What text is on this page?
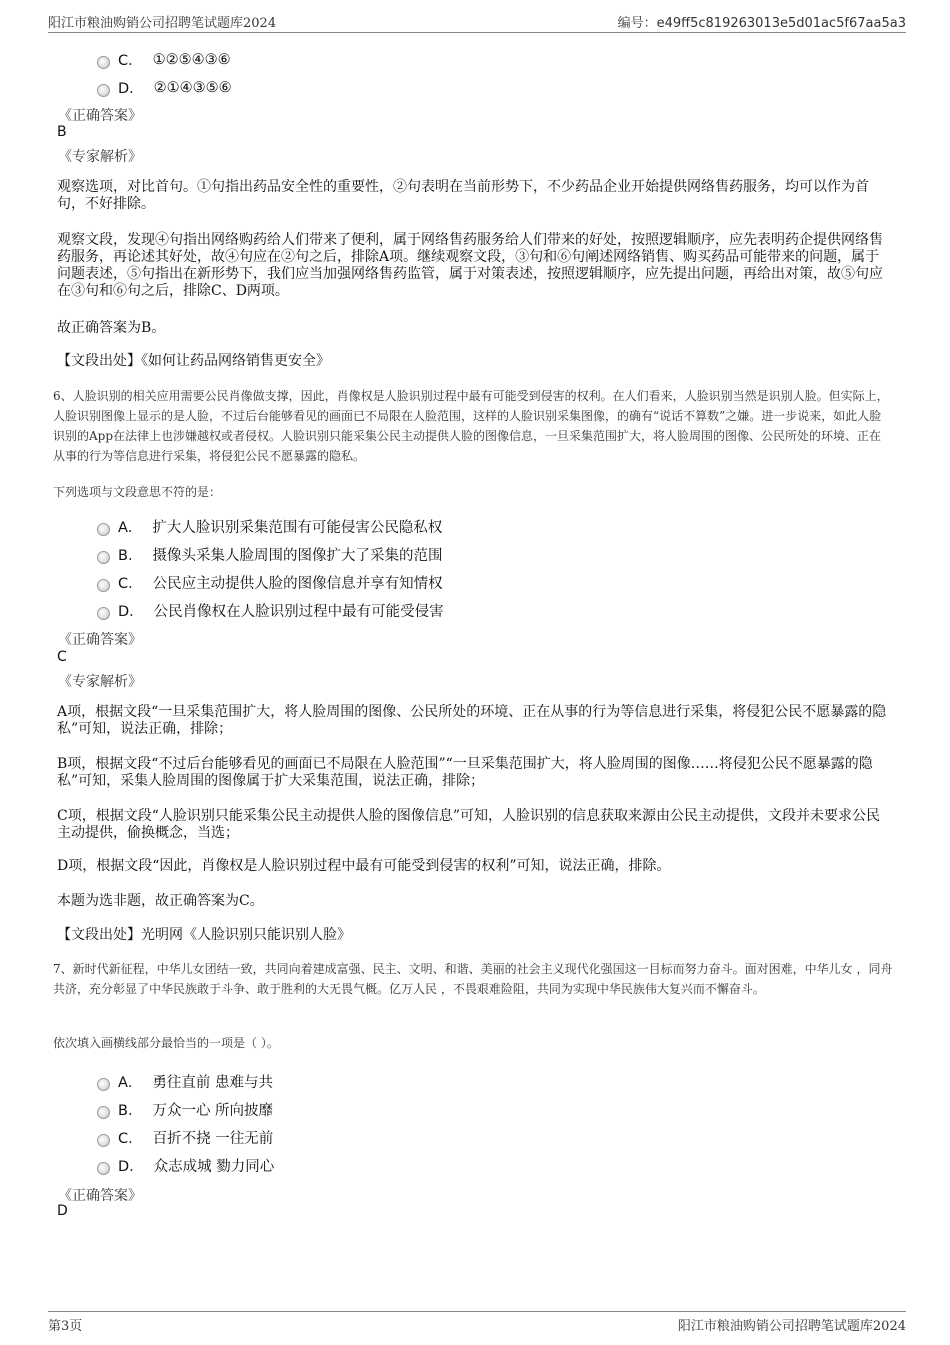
阳江市粮油购销公司招聘笔试题库2024	编号：e49ff5c819263013e5d01ac5f67aa5a3
C． ①②⑤④③⑥
D． ②①④③⑤⑥
《正确答案》
B
《专家解析》
观察选项，对比首句。①句指出药品安全性的重要性，②句表明在当前形势下，不少药品企业开始提供网络售药服务，均可以作为首句，不好排除。
观察文段，发现④句指出网络购药给人们带来了便利，属于网络售药服务给人们带来的好处，按照逻辑顺序，应先表明药企提供网络售药服务，再论述其好处，故④句应在②句之后，排除A项。继续观察文段，③句和⑥句阐述网络销售、购买药品可能带来的问题，属于问题表述，⑤句指出在新形势下，我们应当加强网络售药监管，属于对策表述，按照逻辑顺序，应先提出问题，再给出对策，故⑤句应在③句和⑥句之后，排除C、D两项。
故正确答案为B。
【文段出处】《如何让药品网络销售更安全》
6、人脸识别的相关应用需要公民肖像做支撑，因此，肖像权是人脸识别过程中最有可能受到侵害的权利。在人们看来，人脸识别当然是识别人脸。但实际上，人脸识别图像上显示的是人脸，不过后台能够看见的画面已不局限在人脸范围，这样的人脸识别采集图像，的确有“说话不算数”之嫌。进一步说来，如此人脸识别的App在法律上也涉嫌越权或者侵权。人脸识别只能采集公民主动提供人脸的图像信息，一旦采集范围扩大，将人脸周围的图像、公民所处的环境、正在从事的行为等信息进行采集，将侵犯公民不愿暴露的隐私。
下列选项与文段意思不符的是：
A． 扩大人脸识别采集范围有可能侵害公民隐私权
B． 摄像头采集人脸周围的图像扩大了采集的范围
C． 公民应主动提供人脸的图像信息并享有知情权
D． 公民肖像权在人脸识别过程中最有可能受侵害
《正确答案》
C
《专家解析》
A项，根据文段“一旦采集范围扩大，将人脸周围的图像、公民所处的环境、正在从事的行为等信息进行采集，将侵犯公民不愿暴露的隐私”可知，说法正确，排除；
B项，根据文段“不过后台能够看见的画面已不局限在人脸范围”“一旦采集范围扩大，将人脸周围的图像……将侵犯公民不愿暴露的隐私”可知，采集人脸周围的图像属于扩大采集范围，说法正确，排除；
C项，根据文段“人脸识别只能采集公民主动提供人脸的图像信息”可知，人脸识别的信息获取来源由公民主动提供，文段并未要求公民主动提供，偷换概念，当选；
D项，根据文段“因此，肖像权是人脸识别过程中最有可能受到侵害的权利”可知，说法正确，排除。
本题为选非题，故正确答案为C。
【文段出处】光明网《人脸识别只能识别人脸》
7、新时代新征程，中华儿女团结一致，共同向着建成富强、民主、文明、和谐、美丽的社会主义现代化强国这一目标而努力奋斗。面对困难，中华儿女 ，同舟共济，充分彰显了中华民族敢于斗争、敢于胜利的大无畏气概。亿万人民 ，不畏艰难险阻，共同为实现中华民族伟大复兴而不懈奋斗。
依次填入画横线部分最恰当的一项是（ ）。
A． 勇往直前 患难与共
B． 万众一心 所向披靡
C． 百折不挠 一往无前
D． 众志成城 勠力同心
《正确答案》
D
第3页	阳江市粮油购销公司招聘笔试题库2024
